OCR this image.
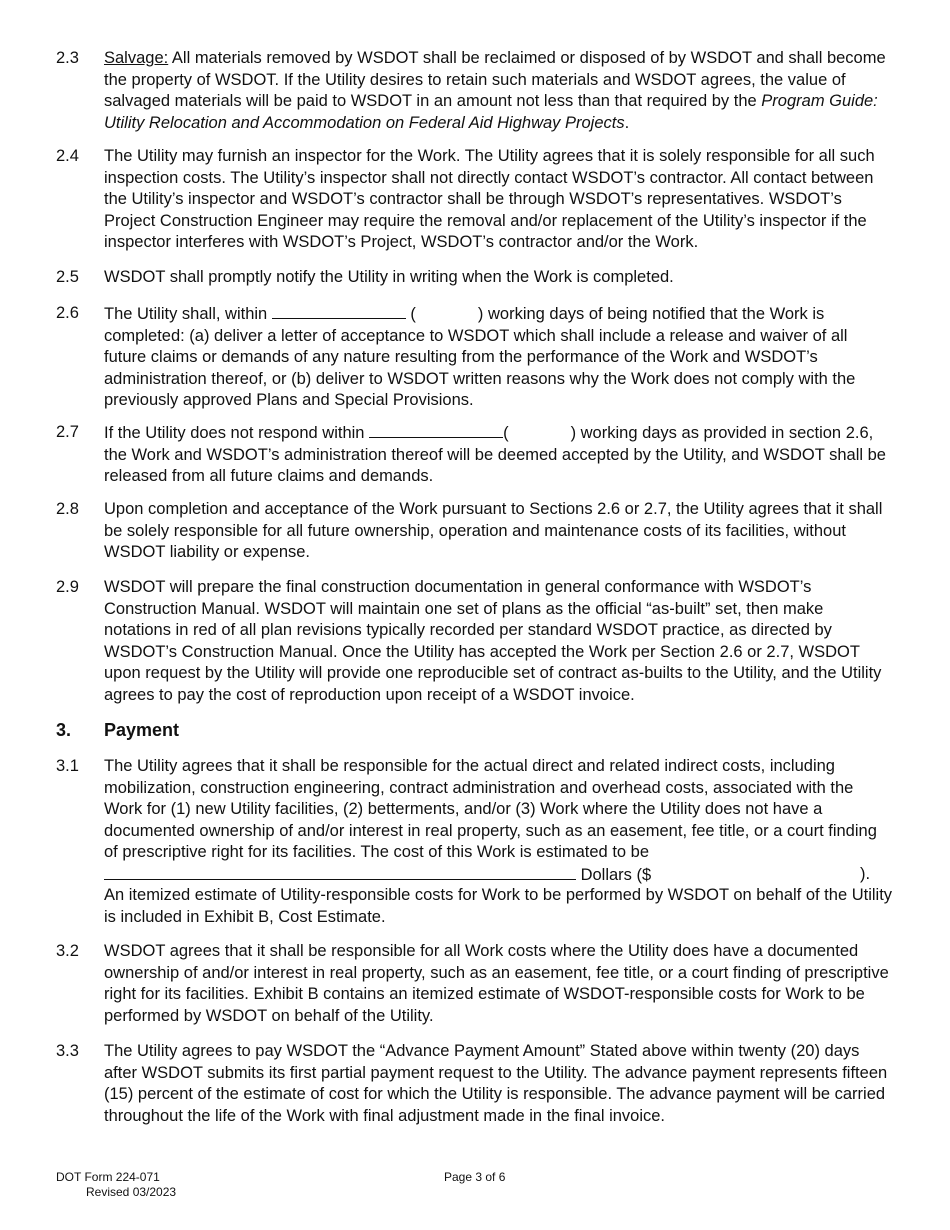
2.3	Salvage: All materials removed by WSDOT shall be reclaimed or disposed of by WSDOT and shall become the property of WSDOT. If the Utility desires to retain such materials and WSDOT agrees, the value of salvaged materials will be paid to WSDOT in an amount not less than that required by the Program Guide: Utility Relocation and Accommodation on Federal Aid Highway Projects.
2.4	The Utility may furnish an inspector for the Work. The Utility agrees that it is solely responsible for all such inspection costs. The Utility’s inspector shall not directly contact WSDOT’s contractor. All contact between the Utility’s inspector and WSDOT’s contractor shall be through WSDOT’s representatives. WSDOT’s Project Construction Engineer may require the removal and/or replacement of the Utility’s inspector if the inspector interferes with WSDOT’s Project, WSDOT’s contractor and/or the Work.
2.5	WSDOT shall promptly notify the Utility in writing when the Work is completed.
2.6	The Utility shall, within	(	) working days of being notified that the Work is completed: (a) deliver a letter of acceptance to WSDOT which shall include a release and waiver of all future claims or demands of any nature resulting from the performance of the Work and WSDOT’s administration thereof, or (b) deliver to WSDOT written reasons why the Work does not comply with the previously approved Plans and Special Provisions.
2.7	If the Utility does not respond within	(	) working days as provided in section 2.6, the Work and WSDOT’s administration thereof will be deemed accepted by the Utility, and WSDOT shall be released from all future claims and demands.
2.8	Upon completion and acceptance of the Work pursuant to Sections 2.6 or 2.7, the Utility agrees that it shall be solely responsible for all future ownership, operation and maintenance costs of its facilities, without WSDOT liability or expense.
2.9	WSDOT will prepare the final construction documentation in general conformance with WSDOT’s Construction Manual. WSDOT will maintain one set of plans as the official “as-built” set, then make notations in red of all plan revisions typically recorded per standard WSDOT practice, as directed by WSDOT’s Construction Manual. Once the Utility has accepted the Work per Section 2.6 or 2.7, WSDOT upon request by the Utility will provide one reproducible set of contract as-builts to the Utility, and the Utility agrees to pay the cost of reproduction upon receipt of a WSDOT invoice.
3. Payment
3.1	The Utility agrees that it shall be responsible for the actual direct and related indirect costs, including mobilization, construction engineering, contract administration and overhead costs, associated with the Work for (1) new Utility facilities, (2) betterments, and/or (3) Work where the Utility does not have a documented ownership of and/or interest in real property, such as an easement, fee title, or a court finding of prescriptive right for its facilities. The cost of this Work is estimated to be
Dollars ($	).
An itemized estimate of Utility-responsible costs for Work to be performed by WSDOT on behalf of the Utility is included in Exhibit B, Cost Estimate.
3.2	WSDOT agrees that it shall be responsible for all Work costs where the Utility does have a documented ownership of and/or interest in real property, such as an easement, fee title, or a court finding of prescriptive right for its facilities. Exhibit B contains an itemized estimate of WSDOT-responsible costs for Work to be performed by WSDOT on behalf of the Utility.
3.3	The Utility agrees to pay WSDOT the “Advance Payment Amount” Stated above within twenty (20) days after WSDOT submits its first partial payment request to the Utility. The advance payment represents fifteen (15) percent of the estimate of cost for which the Utility is responsible. The advance payment will be carried throughout the life of the Work with final adjustment made in the final invoice.
DOT Form 224-071
Revised 03/2023
Page 3 of 6
